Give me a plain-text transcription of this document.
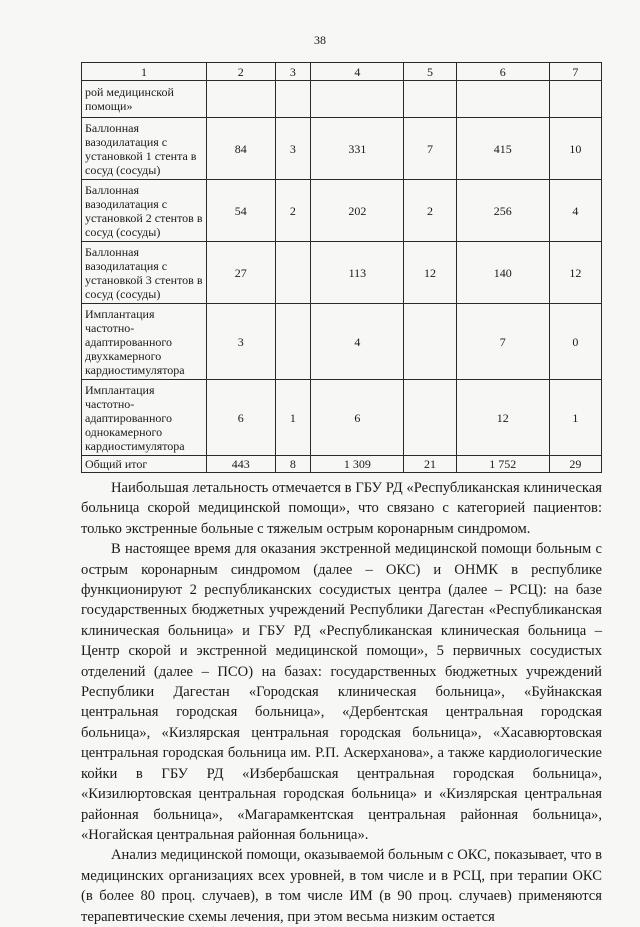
38
1	2	3	4	5	6	7
рой медицинской помощи»						
Баллонная вазодилатация с установкой 1 стента в сосуд (сосуды)	84	3	331	7	415	10
Баллонная вазодилатация с установкой 2 стентов в сосуд (сосуды)	54	2	202	2	256	4
Баллонная вазодилатация с установкой 3 стентов в сосуд (сосуды)	27		113	12	140	12
Имплантация частотно-адаптированного двухкамерного кардиостимулятора	3		4		7	0
Имплантация частотно-адаптированного однокамерного кардиостимулятора	6	1	6		12	1
Общий итог	443	8	1 309	21	1 752	29

Наибольшая летальность отмечается в ГБУ РД «Республиканская клиническая больница скорой медицинской помощи», что связано с категорией пациентов: только экстренные больные с тяжелым острым коронарным синдромом.

В настоящее время для оказания экстренной медицинской помощи больным с острым коронарным синдромом (далее – ОКС) и ОНМК в республике функционируют 2 республиканских сосудистых центра (далее – РСЦ): на базе государственных бюджетных учреждений Республики Дагестан «Республиканская клиническая больница» и ГБУ РД «Республиканская клиническая больница – Центр скорой и экстренной медицинской помощи», 5 первичных сосудистых отделений (далее – ПСО) на базах: государственных бюджетных учреждений Республики Дагестан «Городская клиническая больница», «Буйнакская центральная городская больница», «Дербентская центральная городская больница», «Кизлярская центральная городская больница», «Хасавюртовская центральная городская больница им. Р.П. Аскерханова», а также кардиологические койки в ГБУ РД «Избербашская центральная городская больница», «Кизилюртовская центральная городская больница» и «Кизлярская центральная районная больница», «Магарамкентская центральная районная больница», «Ногайская центральная районная больница».

Анализ медицинской помощи, оказываемой больным с ОКС, показывает, что в медицинских организациях всех уровней, в том числе и в РСЦ, при терапии ОКС (в более 80 проц. случаев), в том числе ИМ (в 90 проц. случаев) применяются терапевтические схемы лечения, при этом весьма низким остается
